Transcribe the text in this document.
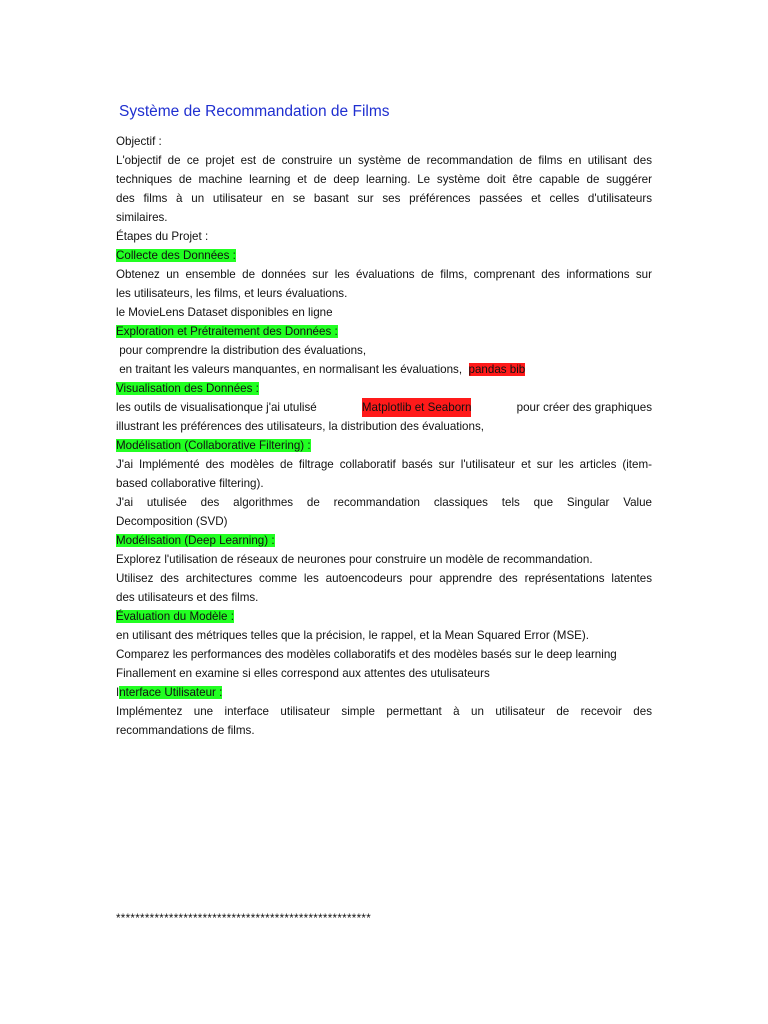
Système de Recommandation de Films
Objectif :
L'objectif de ce projet est de construire un système de recommandation de films en utilisant des
techniques de machine learning et de deep learning. Le système doit être capable de suggérer
des films à un utilisateur en se basant sur ses préférences passées et celles d'utilisateurs
similaires.
Étapes du Projet :
Collecte des Données :
Obtenez un ensemble de données sur les évaluations de films, comprenant des informations sur
les utilisateurs, les films, et leurs évaluations.
le MovieLens Dataset disponibles en ligne
Exploration et Prétraitement des Données :
pour comprendre la distribution des évaluations,
en traitant les valeurs manquantes, en normalisant les évaluations,  pandas bib
Visualisation des Données :
les outils de visualisationque j'ai utulisé	Matplotlib et Seaborn	pour créer des graphiques
illustrant les préférences des utilisateurs, la distribution des évaluations,
Modélisation (Collaborative Filtering) :
J'ai Implémenté des modèles de filtrage collaboratif basés sur l'utilisateur et sur les articles (item-
based collaborative filtering).
J'ai utulisée des algorithmes de recommandation classiques tels que Singular Value
Decomposition (SVD)
Modélisation (Deep Learning) :
Explorez l'utilisation de réseaux de neurones pour construire un modèle de recommandation.
Utilisez des architectures comme les autoencodeurs pour apprendre des représentations latentes
des utilisateurs et des films.
Évaluation du Modèle :
en utilisant des métriques telles que la précision, le rappel, et la Mean Squared Error (MSE).
Comparez les performances des modèles collaboratifs et des modèles basés sur le deep learning
Finallement en examine si elles correspond aux attentes des utulisateurs
Interface Utilisateur :
Implémentez une interface utilisateur simple permettant à un utilisateur de recevoir des
recommandations de films.
*****************************************************
